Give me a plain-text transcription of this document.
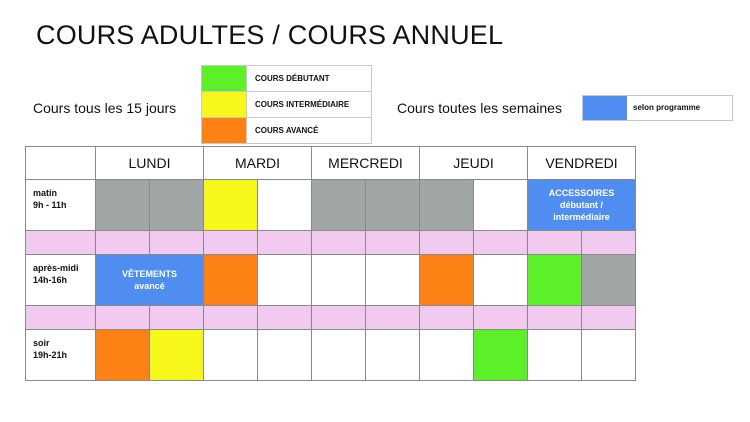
COURS ADULTES / COURS ANNUEL
Cours tous les 15 jours
	COURS DÉBUTANT
	COURS INTERMÉDIAIRE
	COURS AVANCÉ
Cours toutes les semaines	selon programme
	LUNDI		MARDI		MERCREDI		JEUDI		VENDREDI	
matin
9h - 11h									ACCESSOIRES
débutant /
intermédiaire	

après-midi
14h-16h	VÊTEMENTS
avancé									

soir
19h-21h										
